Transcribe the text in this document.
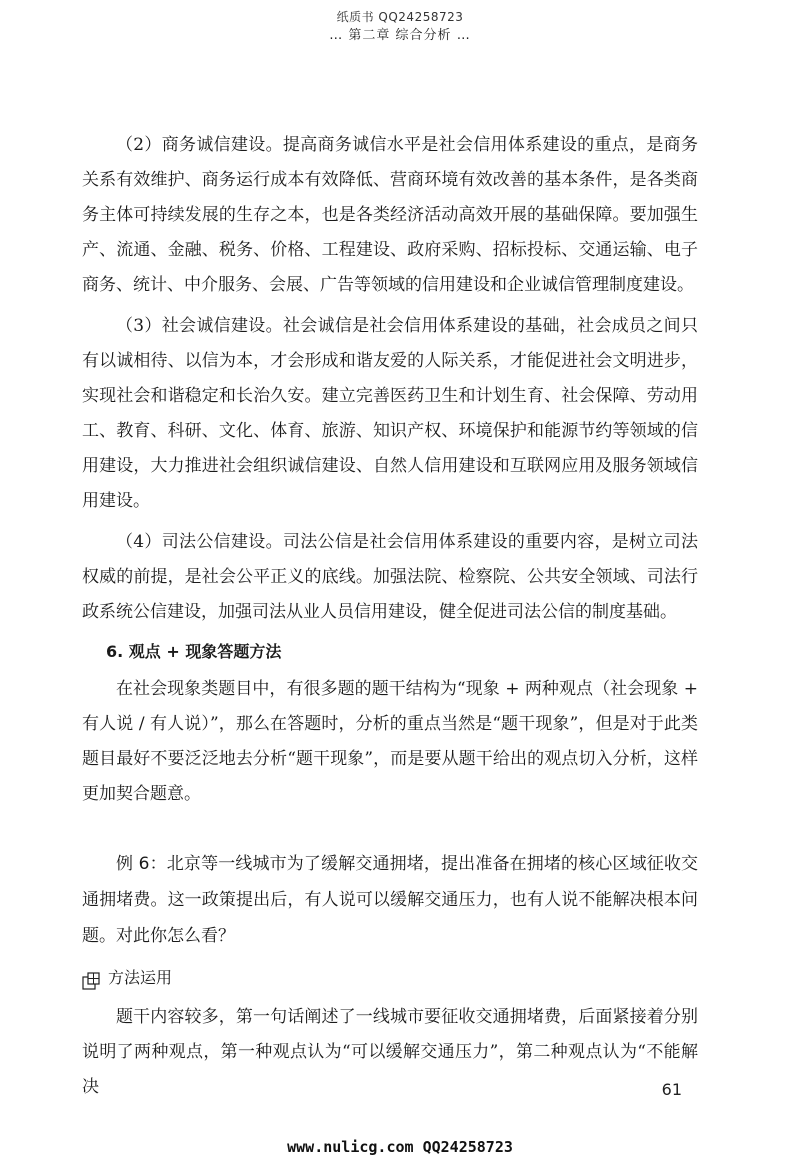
纸质书 QQ24258723
… 第二章 综合分析 …

（2）商务诚信建设。提高商务诚信水平是社会信用体系建设的重点，是商务关系有效维护、商务运行成本有效降低、营商环境有效改善的基本条件，是各类商务主体可持续发展的生存之本，也是各类经济活动高效开展的基础保障。要加强生产、流通、金融、税务、价格、工程建设、政府采购、招标投标、交通运输、电子商务、统计、中介服务、会展、广告等领域的信用建设和企业诚信管理制度建设。

（3）社会诚信建设。社会诚信是社会信用体系建设的基础，社会成员之间只有以诚相待、以信为本，才会形成和谐友爱的人际关系，才能促进社会文明进步，实现社会和谐稳定和长治久安。建立完善医药卫生和计划生育、社会保障、劳动用工、教育、科研、文化、体育、旅游、知识产权、环境保护和能源节约等领域的信用建设，大力推进社会组织诚信建设、自然人信用建设和互联网应用及服务领域信用建设。

（4）司法公信建设。司法公信是社会信用体系建设的重要内容，是树立司法权威的前提，是社会公平正义的底线。加强法院、检察院、公共安全领域、司法行政系统公信建设，加强司法从业人员信用建设，健全促进司法公信的制度基础。

6. 观点 + 现象答题方法

在社会现象类题目中，有很多题的题干结构为“现象 + 两种观点（社会现象 + 有人说 / 有人说）”，那么在答题时，分析的重点当然是“题干现象”，但是对于此类题目最好不要泛泛地去分析“题干现象”，而是要从题干给出的观点切入分析，这样更加契合题意。

例 6：北京等一线城市为了缓解交通拥堵，提出准备在拥堵的核心区域征收交通拥堵费。这一政策提出后，有人说可以缓解交通压力，也有人说不能解决根本问题。对此你怎么看？

方法运用

题干内容较多，第一句话阐述了一线城市要征收交通拥堵费，后面紧接着分别说明了两种观点，第一种观点认为“可以缓解交通压力”，第二种观点认为“不能解决	61
www.nulicg.com QQ24258723
